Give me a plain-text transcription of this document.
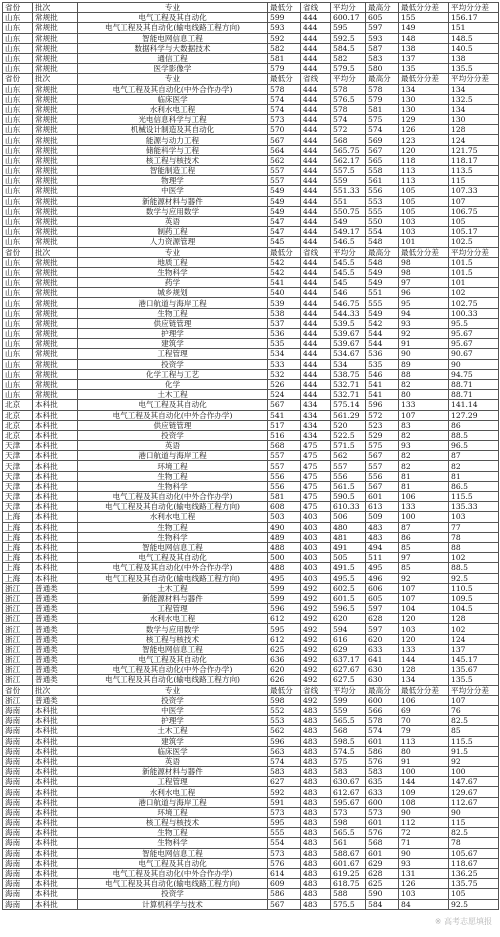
省份	批次	专业	最低分	省线	平均分	最高分	最低分分差	平均分分差
山东	常规批	电气工程及其自动化	599	444	600.17	605	155	156.17
山东	常规批	电气工程及其自动化(输电线路工程方向)	593	444	595	597	149	151
山东	常规批	智能电网信息工程	592	444	592.5	593	148	148.5
山东	常规批	数据科学与大数据技术	582	444	584.5	587	138	140.5
山东	常规批	通信工程	581	444	582	583	137	138
山东	常规批	医学影像学	579	444	579.5	580	135	135.5
省份	批次	专业	最低分	省线	平均分	最高分	最低分分差	平均分分差
山东	常规批	电气工程及其自动化(中外合作办学)	578	444	578	578	134	134
山东	常规批	临床医学	574	444	576.5	579	130	132.5
山东	常规批	水利水电工程	574	444	578	581	130	134
山东	常规批	光电信息科学与工程	573	444	574	575	129	130
山东	常规批	机械设计制造及其自动化	570	444	572	574	126	128
山东	常规批	能源与动力工程	567	444	568	569	123	124
山东	常规批	储能科学与工程	564	444	565.75	567	120	121.75
山东	常规批	核工程与核技术	562	444	562.17	565	118	118.17
山东	常规批	智能制造工程	557	444	557.5	558	113	113.5
山东	常规批	物理学	557	444	559	561	113	115
山东	常规批	中医学	549	444	551.33	556	105	107.33
山东	常规批	新能源材料与器件	549	444	551	553	105	107
山东	常规批	数学与应用数学	549	444	550.75	555	105	106.75
山东	常规批	英语	547	444	549	550	103	105
山东	常规批	制药工程	547	444	549.17	554	103	105.17
山东	常规批	人力资源管理	545	444	546.5	548	101	102.5
省份	批次	专业	最低分	省线	平均分	最高分	最低分分差	平均分分差
山东	常规批	地质工程	542	444	545.5	548	98	101.5
山东	常规批	生物科学	542	444	545.5	549	98	101.5
山东	常规批	药学	541	444	545	549	97	101
山东	常规批	城乡规划	540	444	546	551	96	102
山东	常规批	港口航道与海岸工程	539	444	546.75	555	95	102.75
山东	常规批	生物工程	538	444	544.33	549	94	100.33
山东	常规批	供应链管理	537	444	539.5	542	93	95.5
山东	常规批	护理学	536	444	539.67	544	92	95.67
山东	常规批	建筑学	535	444	539.67	544	91	95.67
山东	常规批	工程管理	534	444	534.67	536	90	90.67
山东	常规批	投资学	533	444	534	535	89	90
山东	常规批	化学工程与工艺	532	444	538.75	546	88	94.75
山东	常规批	化学	526	444	532.71	541	82	88.71
山东	常规批	土木工程	524	444	532.71	541	80	88.71
北京	本科批	电气工程及其自动化	567	434	575.14	596	133	141.14
北京	本科批	电气工程及其自动化(中外合作办学)	541	434	561.29	572	107	127.29
北京	本科批	供应链管理	517	434	520	523	83	86
北京	本科批	投资学	516	434	522.5	529	82	88.5
天津	本科批	英语	568	475	571.5	575	93	96.5
天津	本科批	港口航道与海岸工程	557	475	562	567	82	87
天津	本科批	环境工程	557	475	557	557	82	82
天津	本科批	生物工程	556	475	556	556	81	81
天津	本科批	生物科学	556	475	561.5	567	81	86.5
天津	本科批	电气工程及其自动化(中外合作办学)	581	475	590.5	601	106	115.5
天津	本科批	电气工程及其自动化(输电线路工程方向)	608	475	610.33	613	133	135.33
上海	本科批	水利水电工程	503	403	506	509	100	103
上海	本科批	生物工程	490	403	480	483	87	77
上海	本科批	生物科学	489	403	481	483	86	78
上海	本科批	智能电网信息工程	488	403	491	494	85	88
上海	本科批	电气工程及其自动化	500	403	505	511	97	102
上海	本科批	电气工程及其自动化(中外合作办学)	488	403	491.5	495	85	88.5
上海	本科批	电气工程及其自动化(输电线路工程方向)	495	403	495.5	496	92	92.5
浙江	普通类	土木工程	599	492	602.5	606	107	110.5
浙江	普通类	新能源材料与器件	599	492	601.5	605	107	109.5
浙江	普通类	工程管理	596	492	596.5	597	104	104.5
浙江	普通类	水利水电工程	612	492	620	628	120	128
浙江	普通类	数学与应用数学	595	492	594	597	103	102
浙江	普通类	核工程与核技术	612	492	616	620	120	124
浙江	普通类	智能电网信息工程	625	492	629	633	133	137
浙江	普通类	电气工程及其自动化	636	492	637.17	641	144	145.17
浙江	普通类	电气工程及其自动化(中外合作办学)	620	492	627.67	630	128	135.67
浙江	普通类	电气工程及其自动化(输电线路工程方向)	626	492	627.5	630	134	135.5
省份	批次	专业	最低分	省线	平均分	最高分	最低分分差	平均分分差
浙江	普通类	投资学	598	492	599	600	106	107
海南	本科批	中医学	552	483	559	566	69	76
海南	本科批	护理学	553	483	565.5	578	70	82.5
海南	本科批	土木工程	562	483	568	574	79	85
海南	本科批	建筑学	596	483	598.5	601	113	115.5
海南	本科批	临床医学	563	483	574.5	586	80	91.5
海南	本科批	英语	574	483	575	576	91	92
海南	本科批	新能源材料与器件	583	483	583	583	100	100
海南	本科批	工程管理	627	483	630.67	635	144	147.67
海南	本科批	水利水电工程	592	483	612.67	633	109	129.67
海南	本科批	港口航道与海岸工程	591	483	595.67	600	108	112.67
海南	本科批	环境工程	573	483	573	573	90	90
海南	本科批	核工程与核技术	595	483	598	601	112	115
海南	本科批	生物工程	555	483	565.5	576	72	82.5
海南	本科批	生物科学	554	483	561	568	71	78
海南	本科批	智能电网信息工程	573	483	588.67	601	90	105.67
海南	本科批	电气工程及其自动化	576	483	601.67	629	93	118.67
海南	本科批	电气工程及其自动化(中外合作办学)	614	483	619.25	628	131	136.25
海南	本科批	电气工程及其自动化(输电线路工程方向)	609	483	618.75	625	126	135.75
海南	本科批	投资学	586	483	588	590	103	105
海南	本科批	计算机科学与技术	567	483	575.5	584	84	92.5
※ 高考志愿填报
